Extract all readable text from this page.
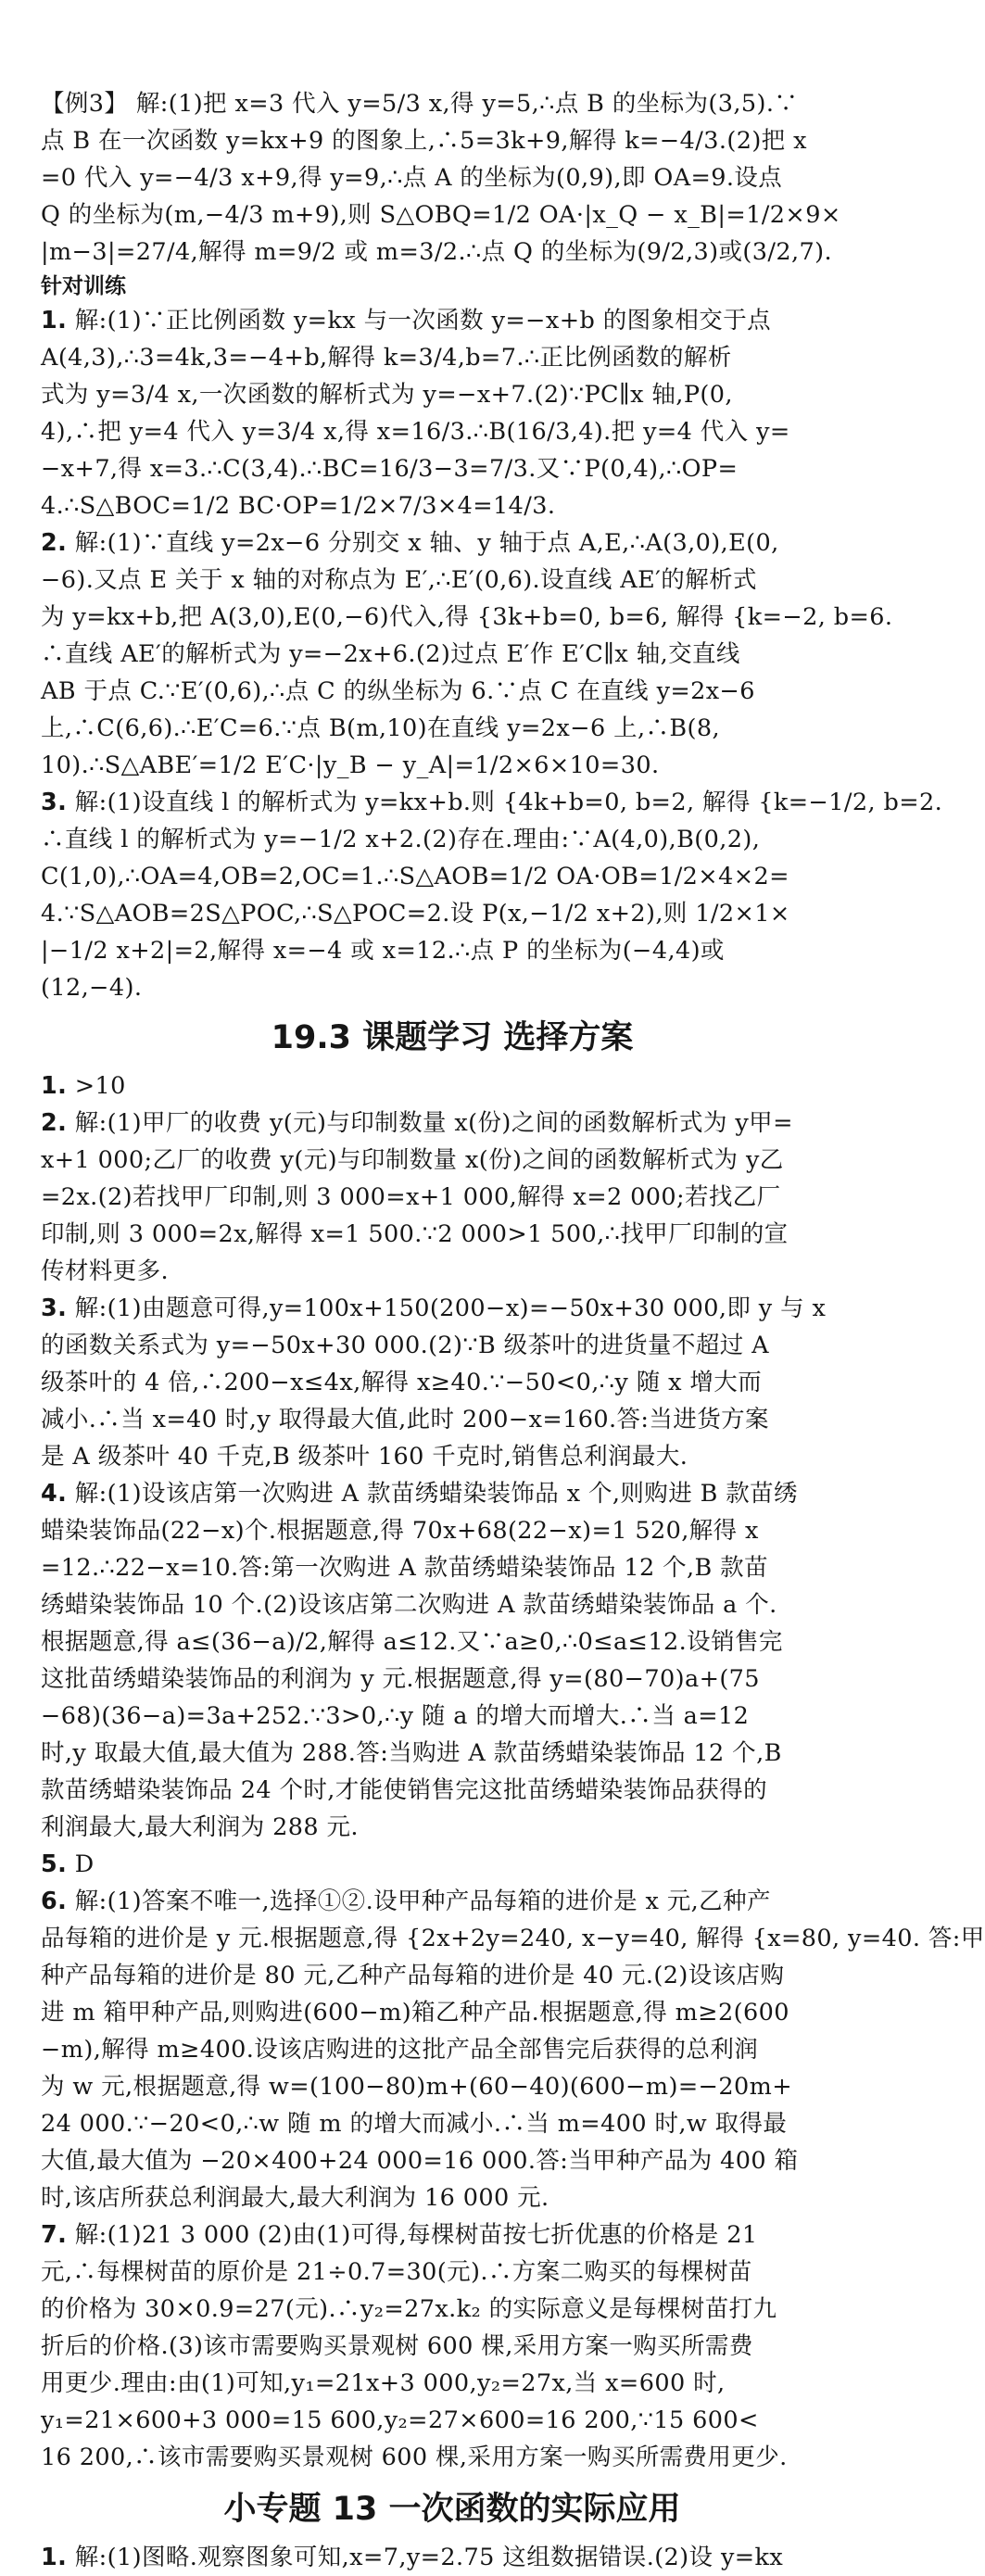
【例3】 解:(1)把 x=3 代入 y=5/3 x,得 y=5,∴点 B 的坐标为(3,5).∵
点 B 在一次函数 y=kx+9 的图象上,∴5=3k+9,解得 k=−4/3.(2)把 x
=0 代入 y=−4/3 x+9,得 y=9,∴点 A 的坐标为(0,9),即 OA=9.设点
Q 的坐标为(m,−4/3 m+9),则 S△OBQ=1/2 OA·|x_Q − x_B|=1/2×9×
|m−3|=27/4,解得 m=9/2 或 m=3/2.∴点 Q 的坐标为(9/2,3)或(3/2,7).
针对训练
1. 解:(1)∵正比例函数 y=kx 与一次函数 y=−x+b 的图象相交于点
A(4,3),∴3=4k,3=−4+b,解得 k=3/4,b=7.∴正比例函数的解析
式为 y=3/4 x,一次函数的解析式为 y=−x+7.(2)∵PC∥x 轴,P(0,
4),∴把 y=4 代入 y=3/4 x,得 x=16/3.∴B(16/3,4).把 y=4 代入 y=
−x+7,得 x=3.∴C(3,4).∴BC=16/3−3=7/3.又∵P(0,4),∴OP=
4.∴S△BOC=1/2 BC·OP=1/2×7/3×4=14/3.
2. 解:(1)∵直线 y=2x−6 分别交 x 轴、y 轴于点 A,E,∴A(3,0),E(0,
−6).又点 E 关于 x 轴的对称点为 E′,∴E′(0,6).设直线 AE′的解析式
为 y=kx+b,把 A(3,0),E(0,−6)代入,得 {3k+b=0, b=6, 解得 {k=−2, b=6.
∴直线 AE′的解析式为 y=−2x+6.(2)过点 E′作 E′C∥x 轴,交直线
AB 于点 C.∵E′(0,6),∴点 C 的纵坐标为 6.∵点 C 在直线 y=2x−6
上,∴C(6,6).∴E′C=6.∵点 B(m,10)在直线 y=2x−6 上,∴B(8,
10).∴S△ABE′=1/2 E′C·|y_B − y_A|=1/2×6×10=30.
3. 解:(1)设直线 l 的解析式为 y=kx+b.则 {4k+b=0, b=2, 解得 {k=−1/2, b=2.
∴直线 l 的解析式为 y=−1/2 x+2.(2)存在.理由:∵A(4,0),B(0,2),
C(1,0),∴OA=4,OB=2,OC=1.∴S△AOB=1/2 OA·OB=1/2×4×2=
4.∵S△AOB=2S△POC,∴S△POC=2.设 P(x,−1/2 x+2),则 1/2×1×
|−1/2 x+2|=2,解得 x=−4 或 x=12.∴点 P 的坐标为(−4,4)或
(12,−4).
19.3 课题学习 选择方案
1. >10
2. 解:(1)甲厂的收费 y(元)与印制数量 x(份)之间的函数解析式为 y甲=
x+1 000;乙厂的收费 y(元)与印制数量 x(份)之间的函数解析式为 y乙
=2x.(2)若找甲厂印制,则 3 000=x+1 000,解得 x=2 000;若找乙厂
印制,则 3 000=2x,解得 x=1 500.∵2 000>1 500,∴找甲厂印制的宣
传材料更多.
3. 解:(1)由题意可得,y=100x+150(200−x)=−50x+30 000,即 y 与 x
的函数关系式为 y=−50x+30 000.(2)∵B 级茶叶的进货量不超过 A
级茶叶的 4 倍,∴200−x≤4x,解得 x≥40.∵−50<0,∴y 随 x 增大而
减小.∴当 x=40 时,y 取得最大值,此时 200−x=160.答:当进货方案
是 A 级茶叶 40 千克,B 级茶叶 160 千克时,销售总利润最大.
4. 解:(1)设该店第一次购进 A 款苗绣蜡染装饰品 x 个,则购进 B 款苗绣
蜡染装饰品(22−x)个.根据题意,得 70x+68(22−x)=1 520,解得 x
=12.∴22−x=10.答:第一次购进 A 款苗绣蜡染装饰品 12 个,B 款苗
绣蜡染装饰品 10 个.(2)设该店第二次购进 A 款苗绣蜡染装饰品 a 个.
根据题意,得 a≤(36−a)/2,解得 a≤12.又∵a≥0,∴0≤a≤12.设销售完
这批苗绣蜡染装饰品的利润为 y 元.根据题意,得 y=(80−70)a+(75
−68)(36−a)=3a+252.∵3>0,∴y 随 a 的增大而增大.∴当 a=12
时,y 取最大值,最大值为 288.答:当购进 A 款苗绣蜡染装饰品 12 个,B
款苗绣蜡染装饰品 24 个时,才能使销售完这批苗绣蜡染装饰品获得的
利润最大,最大利润为 288 元.
5. D
6. 解:(1)答案不唯一,选择①②.设甲种产品每箱的进价是 x 元,乙种产
品每箱的进价是 y 元.根据题意,得 {2x+2y=240, x−y=40, 解得 {x=80, y=40. 答:甲
种产品每箱的进价是 80 元,乙种产品每箱的进价是 40 元.(2)设该店购
进 m 箱甲种产品,则购进(600−m)箱乙种产品.根据题意,得 m≥2(600
−m),解得 m≥400.设该店购进的这批产品全部售完后获得的总利润
为 w 元,根据题意,得 w=(100−80)m+(60−40)(600−m)=−20m+
24 000.∵−20<0,∴w 随 m 的增大而减小.∴当 m=400 时,w 取得最
大值,最大值为 −20×400+24 000=16 000.答:当甲种产品为 400 箱
时,该店所获总利润最大,最大利润为 16 000 元.
7. 解:(1)21 3 000 (2)由(1)可得,每棵树苗按七折优惠的价格是 21
元,∴每棵树苗的原价是 21÷0.7=30(元).∴方案二购买的每棵树苗
的价格为 30×0.9=27(元).∴y₂=27x.k₂ 的实际意义是每棵树苗打九
折后的价格.(3)该市需要购买景观树 600 棵,采用方案一购买所需费
用更少.理由:由(1)可知,y₁=21x+3 000,y₂=27x,当 x=600 时,
y₁=21×600+3 000=15 600,y₂=27×600=16 200,∵15 600<
16 200,∴该市需要购买景观树 600 棵,采用方案一购买所需费用更少.
小专题 13 一次函数的实际应用
1. 解:(1)图略.观察图象可知,x=7,y=2.75 这组数据错误.(2)设 y=kx
